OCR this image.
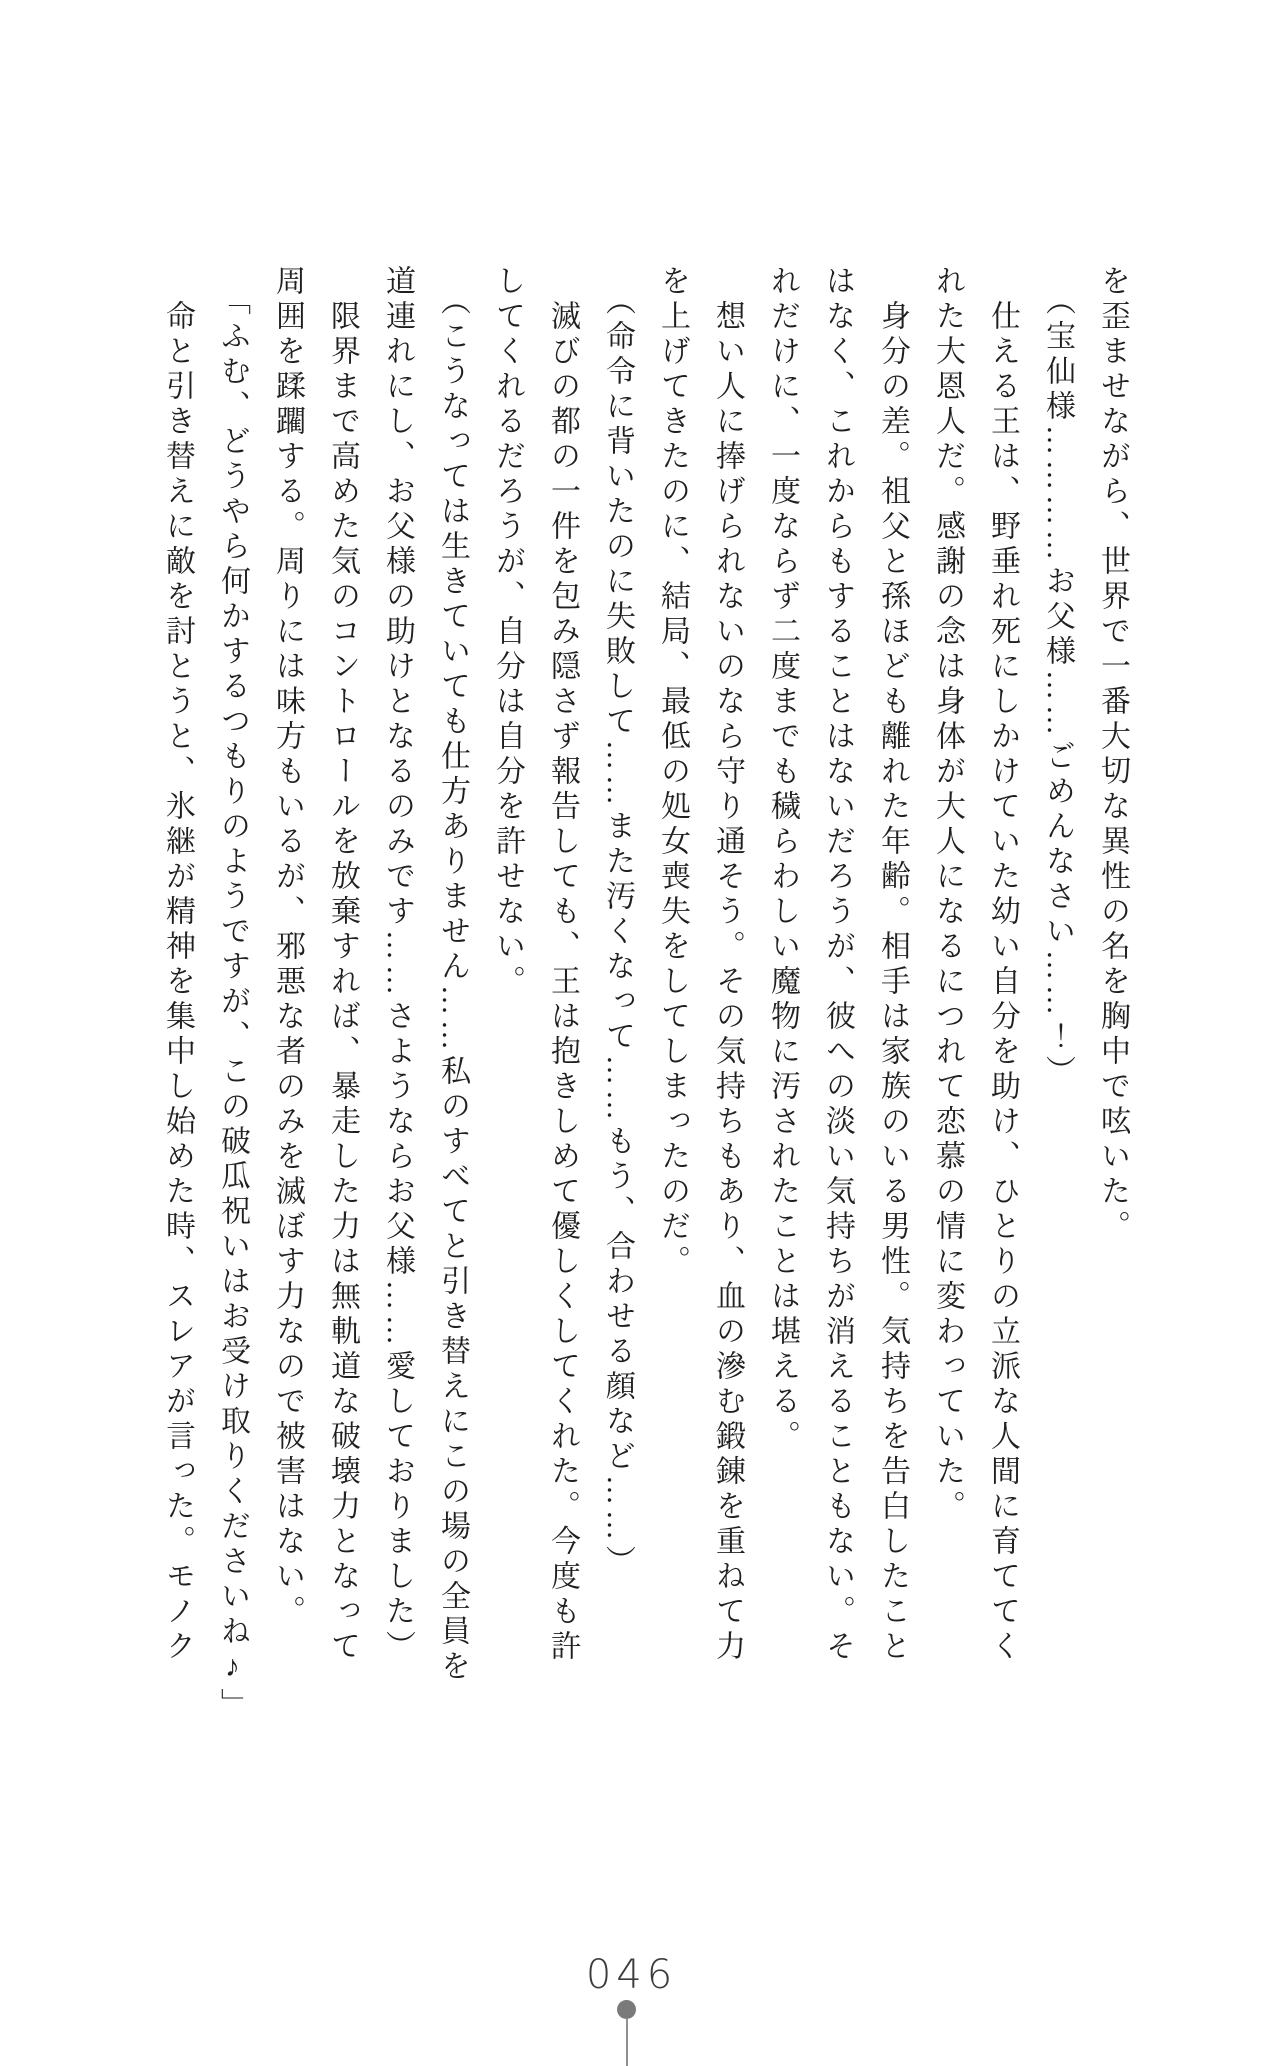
を歪ませながら、世界で一番大切な異性の名を胸中で呟いた。
　（宝仙様…………お父様……ごめんなさい……！）
　仕える王は、野垂れ死にしかけていた幼い自分を助け、ひとりの立派な人間に育ててく
れた大恩人だ。感謝の念は身体が大人になるにつれて恋慕の情に変わっていた。
　身分の差。祖父と孫ほども離れた年齢。相手は家族のいる男性。気持ちを告白したこと
はなく、これからもすることはないだろうが、彼への淡い気持ちが消えることもない。そ
れだけに、一度ならず二度までも穢らわしい魔物に汚されたことは堪える。
　想い人に捧げられないのなら守り通そう。その気持ちもあり、血の滲む鍛錬を重ねて力
を上げてきたのに、結局、最低の処女喪失をしてしまったのだ。
　（命令に背いたのに失敗して……また汚くなって……もう、合わせる顔など……）
　滅びの都の一件を包み隠さず報告しても、王は抱きしめて優しくしてくれた。今度も許
してくれるだろうが、自分は自分を許せない。
　（こうなっては生きていても仕方ありません……私のすべてと引き替えにこの場の全員を
道連れにし、お父様の助けとなるのみです……さようならお父様……愛しておりました）
　限界まで高めた気のコントロールを放棄すれば、暴走した力は無軌道な破壊力となって
周囲を蹂躙する。周りには味方もいるが、邪悪な者のみを滅ぼす力なので被害はない。
　「ふむ、どうやら何かするつもりのようですが、この破瓜祝いはお受け取りくださいね♪」
　命と引き替えに敵を討とうと、氷継が精神を集中し始めた時、スレアが言った。モノク
046
